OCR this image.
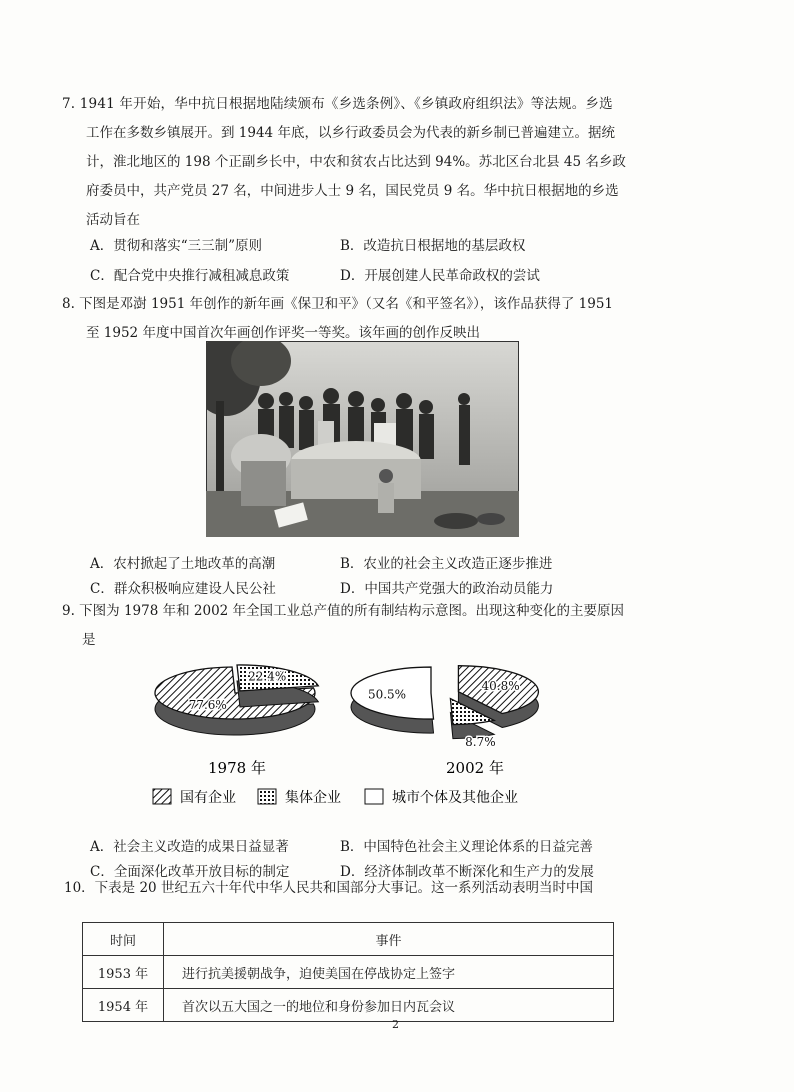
7. 1941 年开始，华中抗日根据地陆续颁布《乡选条例》、《乡镇政府组织法》等法规。乡选

工作在多数乡镇展开。到 1944 年底，以乡行政委员会为代表的新乡制已普遍建立。据统

计，淮北地区的 198 个正副乡长中，中农和贫农占比达到 94%。苏北区台北县 45 名乡政

府委员中，共产党员 27 名，中间进步人士 9 名，国民党员 9 名。华中抗日根据地的乡选

活动旨在

A．贯彻和落实“三三制”原则	B．改造抗日根据地的基层政权
C．配合党中央推行减租减息政策	D．开展创建人民革命政权的尝试

8. 下图是邓澍 1951 年创作的新年画《保卫和平》（又名《和平签名》），该作品获得了 1951

至 1952 年度中国首次年画创作评奖一等奖。该年画的创作反映出

A．农村掀起了土地改革的高潮	B．农业的社会主义改造正逐步推进
C．群众积极响应建设人民公社	D．中国共产党强大的政治动员能力

9. 下图为 1978 年和 2002 年全国工业总产值的所有制结构示意图。出现这种变化的主要原因

是

77.6%
22.4%
40.8%
8.7%
50.5%
1978 年	2002 年
国有企业	集体企业	城市个体及其他企业
A．社会主义改造的成果日益显著	B．中国特色社会主义理论体系的日益完善
C．全面深化改革开放目标的制定	D．经济体制改革不断深化和生产力的发展

10．下表是 20 世纪五六十年代中华人民共和国部分大事记。这一系列活动表明当时中国

时间	事件
1953 年	进行抗美援朝战争，迫使美国在停战协定上签字
1954 年	首次以五大国之一的地位和身份参加日内瓦会议
2
